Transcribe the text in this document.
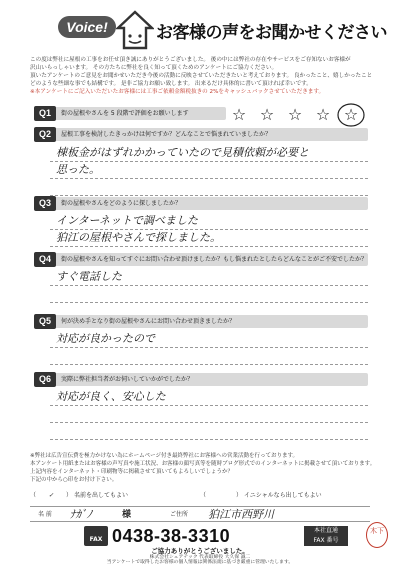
Voice!	お客様の声をお聞かせください

この度は弊社に屋根の工事をお任せ頂き誠にありがとうございました。 後の中には弊社の存在やサービスをご存知ないお客様が

沢山いらっしゃいます。 その方たちに弊社を良く知って頂くためのアンケートにご協力ください。

頂いたアンケートのご意見をお聞かせいただき今後の活動に反映させていただきたいと考えております。 良かったこと、嬉しかったこと

どのような些細な事でも結構です。 是非ご協力お願い致します。 出来るだけ具体的に書いて頂ければ幸いです。

※本アンケートにご記入いただいたお客様には工事ご依頼金額税抜きの 2%をキャッシュバックさせていただきます。

Q1	街の屋根やさんを 5 段階で評価をお願いします	☆ ☆ ☆ ☆ ☆
Q2	屋根工事を検討したきっかけは何ですか？どんなことで悩まれていましたか？
棟板金がはずれかかっていたので見積依頼が必要と
思った。
Q3	街の屋根やさんをどのように探しましたか？
インターネットで調べました
狛江の屋根やさんで探しました。
Q4	街の屋根やさんを知ってすぐにお問い合わせ頂けましたか？もし悩まれたとしたらどんなことがご不安でしたか？
すぐ電話した
Q5	何が決め手となり街の屋根やさんにお問い合わせ頂きましたか？
対応が良かったので
Q6	実際に弊社担当者がお伺いしていかがでしたか？
対応が良く、安心した
※弊社は広告宣伝費を極力かけない為にホームページ付き最終弊社にお客様への営業活動を行っております。
本アンケート用紙またはお客様の声写真や施工状況、お客様の顔写真等を随時ブログ形式でのインターネットに掲載させて頂いております。
上記内容をインターネット・印刷物等に掲載させて頂いてもよろしいでしょうか？
下記の中から○印をお付け下さい。
（ ✓ ） 名前を出してもよい	（	） イニシャルなら出してもよい
名 前 ﾅｶﾞﾉ	様	ご住所 狛江市西野川
FAX 0438-38-3310	本社直通
FAX 番号
ご協力ありがとうございました。
株式会社シェアテック 代表取締役 大久保 誠二
当アンケートで取得したお客様の個人情報は関係法規に基づき厳重に管理いたします。
木下
